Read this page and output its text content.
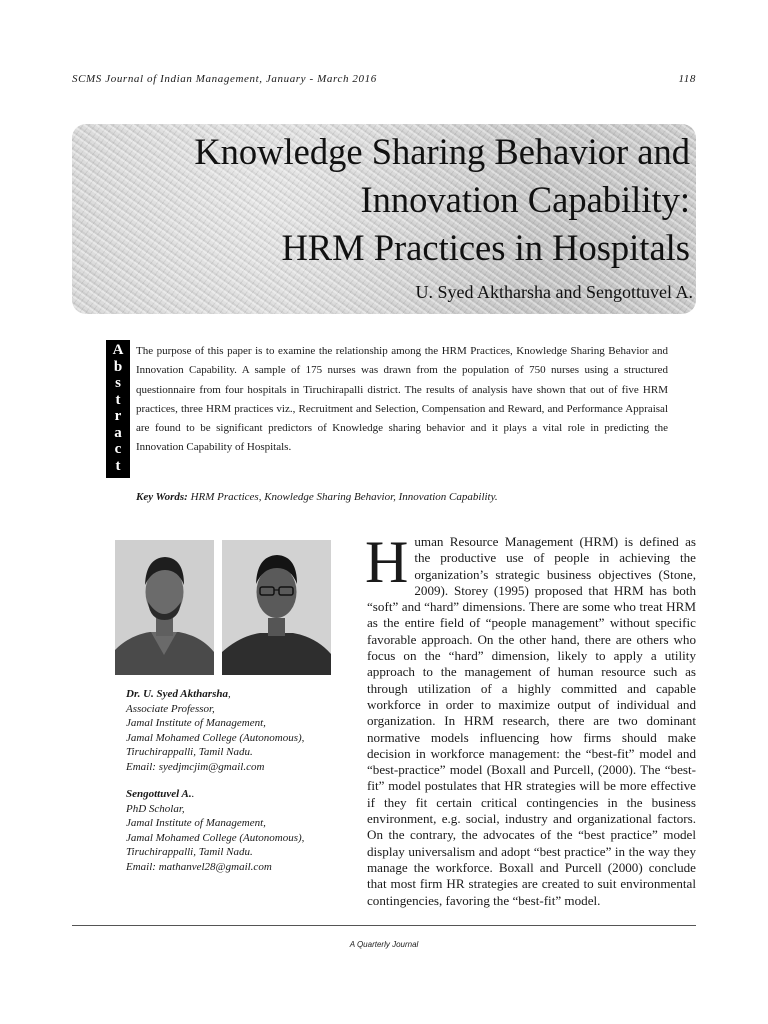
SCMS Journal of Indian Management, January - March 2016	118
Knowledge Sharing Behavior and
Innovation Capability:
HRM Practices in Hospitals
U. Syed Aktharsha and Sengottuvel A.
A
b
s
t
r
a
c
t

The purpose of this paper is to examine the relationship among the HRM Practices, Knowledge Sharing Behavior and Innovation Capability. A sample of 175 nurses was drawn from the population of 750 nurses using a structured questionnaire from four hospitals in Tiruchirapalli district. The results of analysis have shown that out of five HRM practices, three HRM practices viz., Recruitment and Selection, Compensation and Reward, and Performance Appraisal are found to be significant predictors of Knowledge sharing behavior and it plays a vital role in predicting the Innovation Capability of Hospitals.

Key Words: HRM Practices, Knowledge Sharing Behavior, Innovation Capability.
Dr. U. Syed Aktharsha,
Associate Professor,
Jamal Institute of Management,
Jamal Mohamed College (Autonomous),
Tiruchirappalli, Tamil Nadu.
Email: syedjmcjim@gmail.com
Sengottuvel A..
PhD Scholar,
Jamal Institute of Management,
Jamal Mohamed College (Autonomous),
Tiruchirappalli, Tamil Nadu.
Email: mathanvel28@gmail.com

Human Resource Management (HRM) is defined as the productive use of people in achieving the organization’s strategic business objectives (Stone, 2009). Storey (1995) proposed that HRM has both “soft” and “hard” dimensions. There are some who treat HRM as the entire field of “people management” without specific favorable approach. On the other hand, there are others who focus on the “hard” dimension, likely to apply a utility approach to the management of human resource such as through utilization of a highly committed and capable workforce in order to maximize output of individual and organization. In HRM research, there are two dominant normative models influencing how firms should make decision in workforce management: the “best-fit” model and “best-practice” model (Boxall and Purcell, (2000). The “best-fit” model postulates that HR strategies will be more effective if they fit certain critical contingencies in the business environment, e.g. social, industry and organizational factors. On the contrary, the advocates of the “best practice” model display universalism and adopt “best practice” in the way they manage the workforce. Boxall and Purcell (2000) conclude that most firm HR strategies are created to suit environmental contingencies, favoring the “best-fit” model.

A Quarterly Journal
